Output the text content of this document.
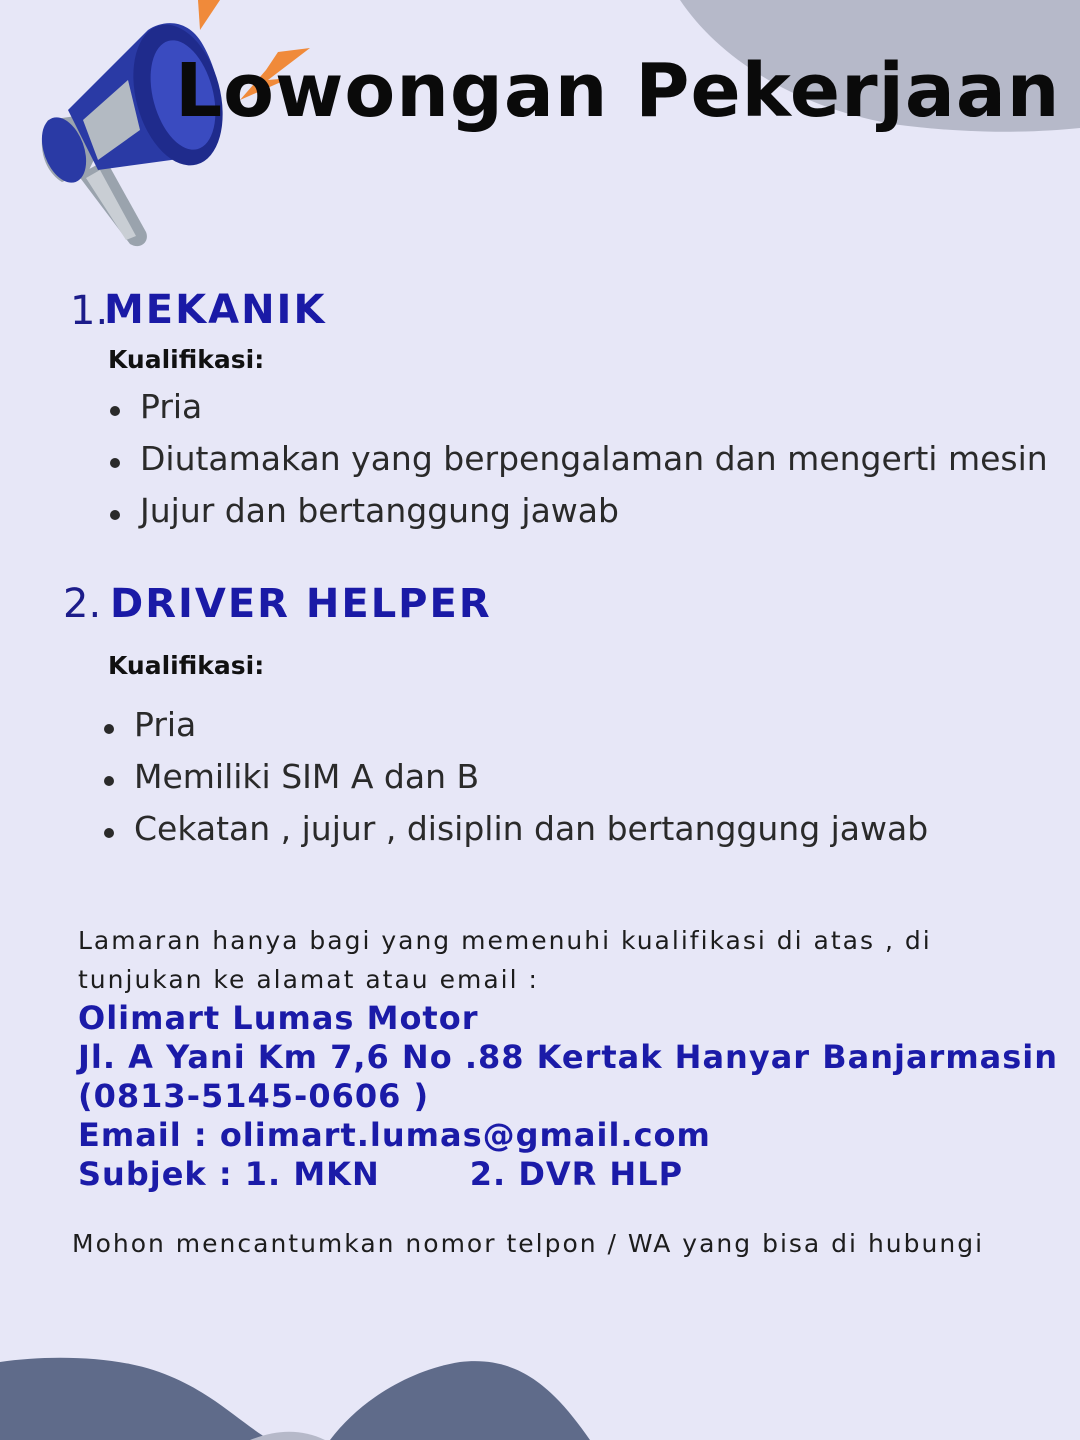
Lowongan Pekerjaan
1.
MEKANIK
Kualifikasi:
Pria
Diutamakan yang berpengalaman dan mengerti mesin
Jujur dan bertanggung jawab
2. DRIVER HELPER
Kualifikasi:
Pria
Memiliki SIM A dan B
Cekatan , jujur , disiplin dan bertanggung jawab

Lamaran hanya bagi yang memenuhi kualifikasi di atas , di tunjukan ke alamat atau email :

Olimart Lumas Motor
Jl. A Yani Km 7,6 No .88 Kertak Hanyar Banjarmasin
(0813-5145-0606 )
Email : olimart.lumas@gmail.com
Subjek : 1. MKN	2. DVR HLP
Mohon mencantumkan nomor telpon / WA yang bisa di hubungi
